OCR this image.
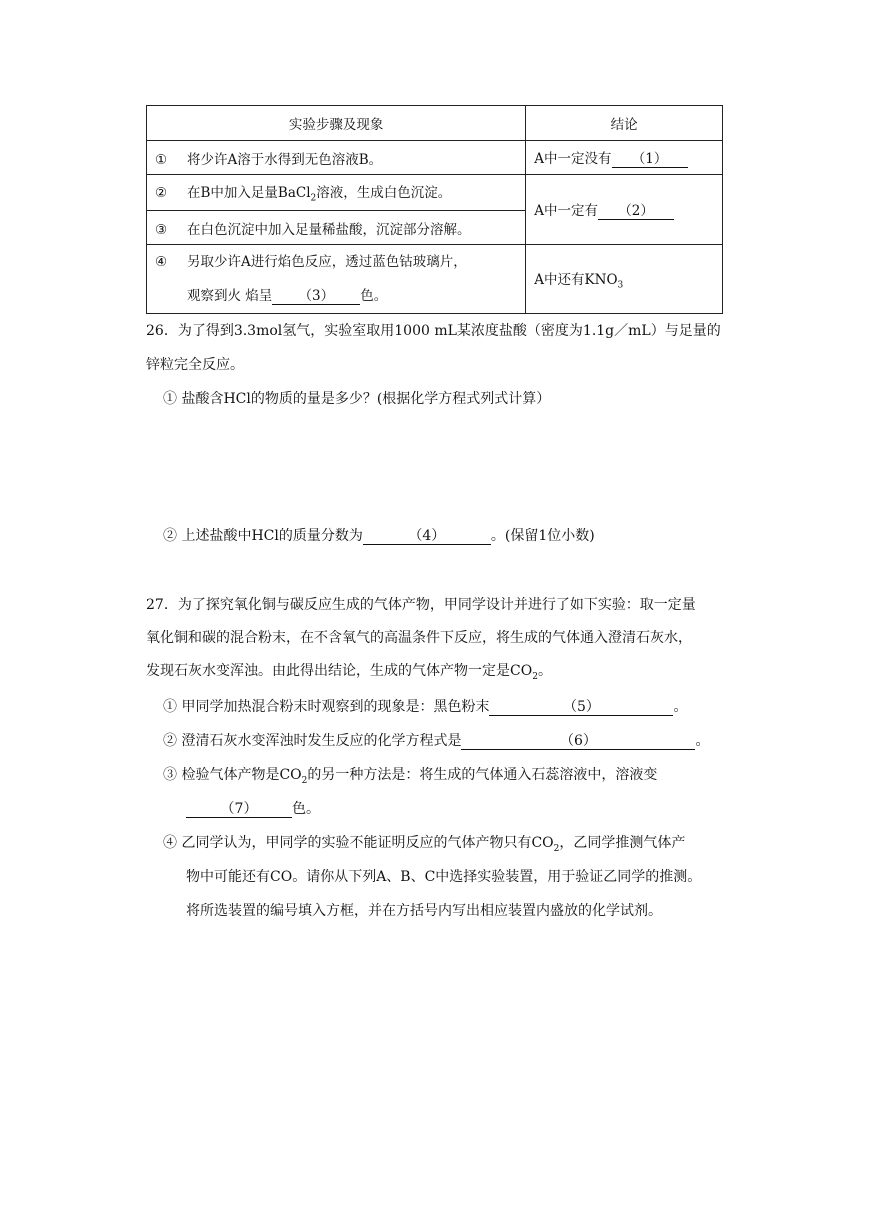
实验步骤及现象	结论
① 将少许A溶于水得到无色溶液B。	A中一定没有 （1）
② 在B中加入足量BaCl$_2$溶液，生成白色沉淀。	A中一定有 （2）
③ 在白色沉淀中加入足量稀盐酸，沉淀部分溶解。	

④ 另取少许A进行焰色反应，透过蓝色钴玻璃片，
观察到火 焰呈 （3） 色。	A中还有$KNO_3$
26．为了得到3.3mol氢气，实验室取用1000 mL某浓度盐酸（密度为1.1g／mL）与足量的
锌粒完全反应。
① 盐酸含HCl的物质的量是多少？(根据化学方程式列式计算）
② 上述盐酸中HCl的质量分数为	（4）	。(保留1位小数)
27．为了探究氧化铜与碳反应生成的气体产物，甲同学设计并进行了如下实验：取一定量
氧化铜和碳的混合粉末，在不含氧气的高温条件下反应，将生成的气体通入澄清石灰水，
发现石灰水变浑浊。由此得出结论，生成的气体产物一定是$CO_2$。
① 甲同学加热混合粉末时观察到的现象是：黑色粉末	（5）	。
② 澄清石灰水变浑浊时发生反应的化学方程式是	（6）	。
③ 检验气体产物是$CO_2$的另一种方法是：将生成的气体通入石蕊溶液中，溶液变
（7） 色。
④ 乙同学认为，甲同学的实验不能证明反应的气体产物只有$CO_2$，乙同学推测气体产
物中可能还有CO。请你从下列A、B、C中选择实验装置，用于验证乙同学的推测。
将所选装置的编号填入方框，并在方括号内写出相应装置内盛放的化学试剂。
